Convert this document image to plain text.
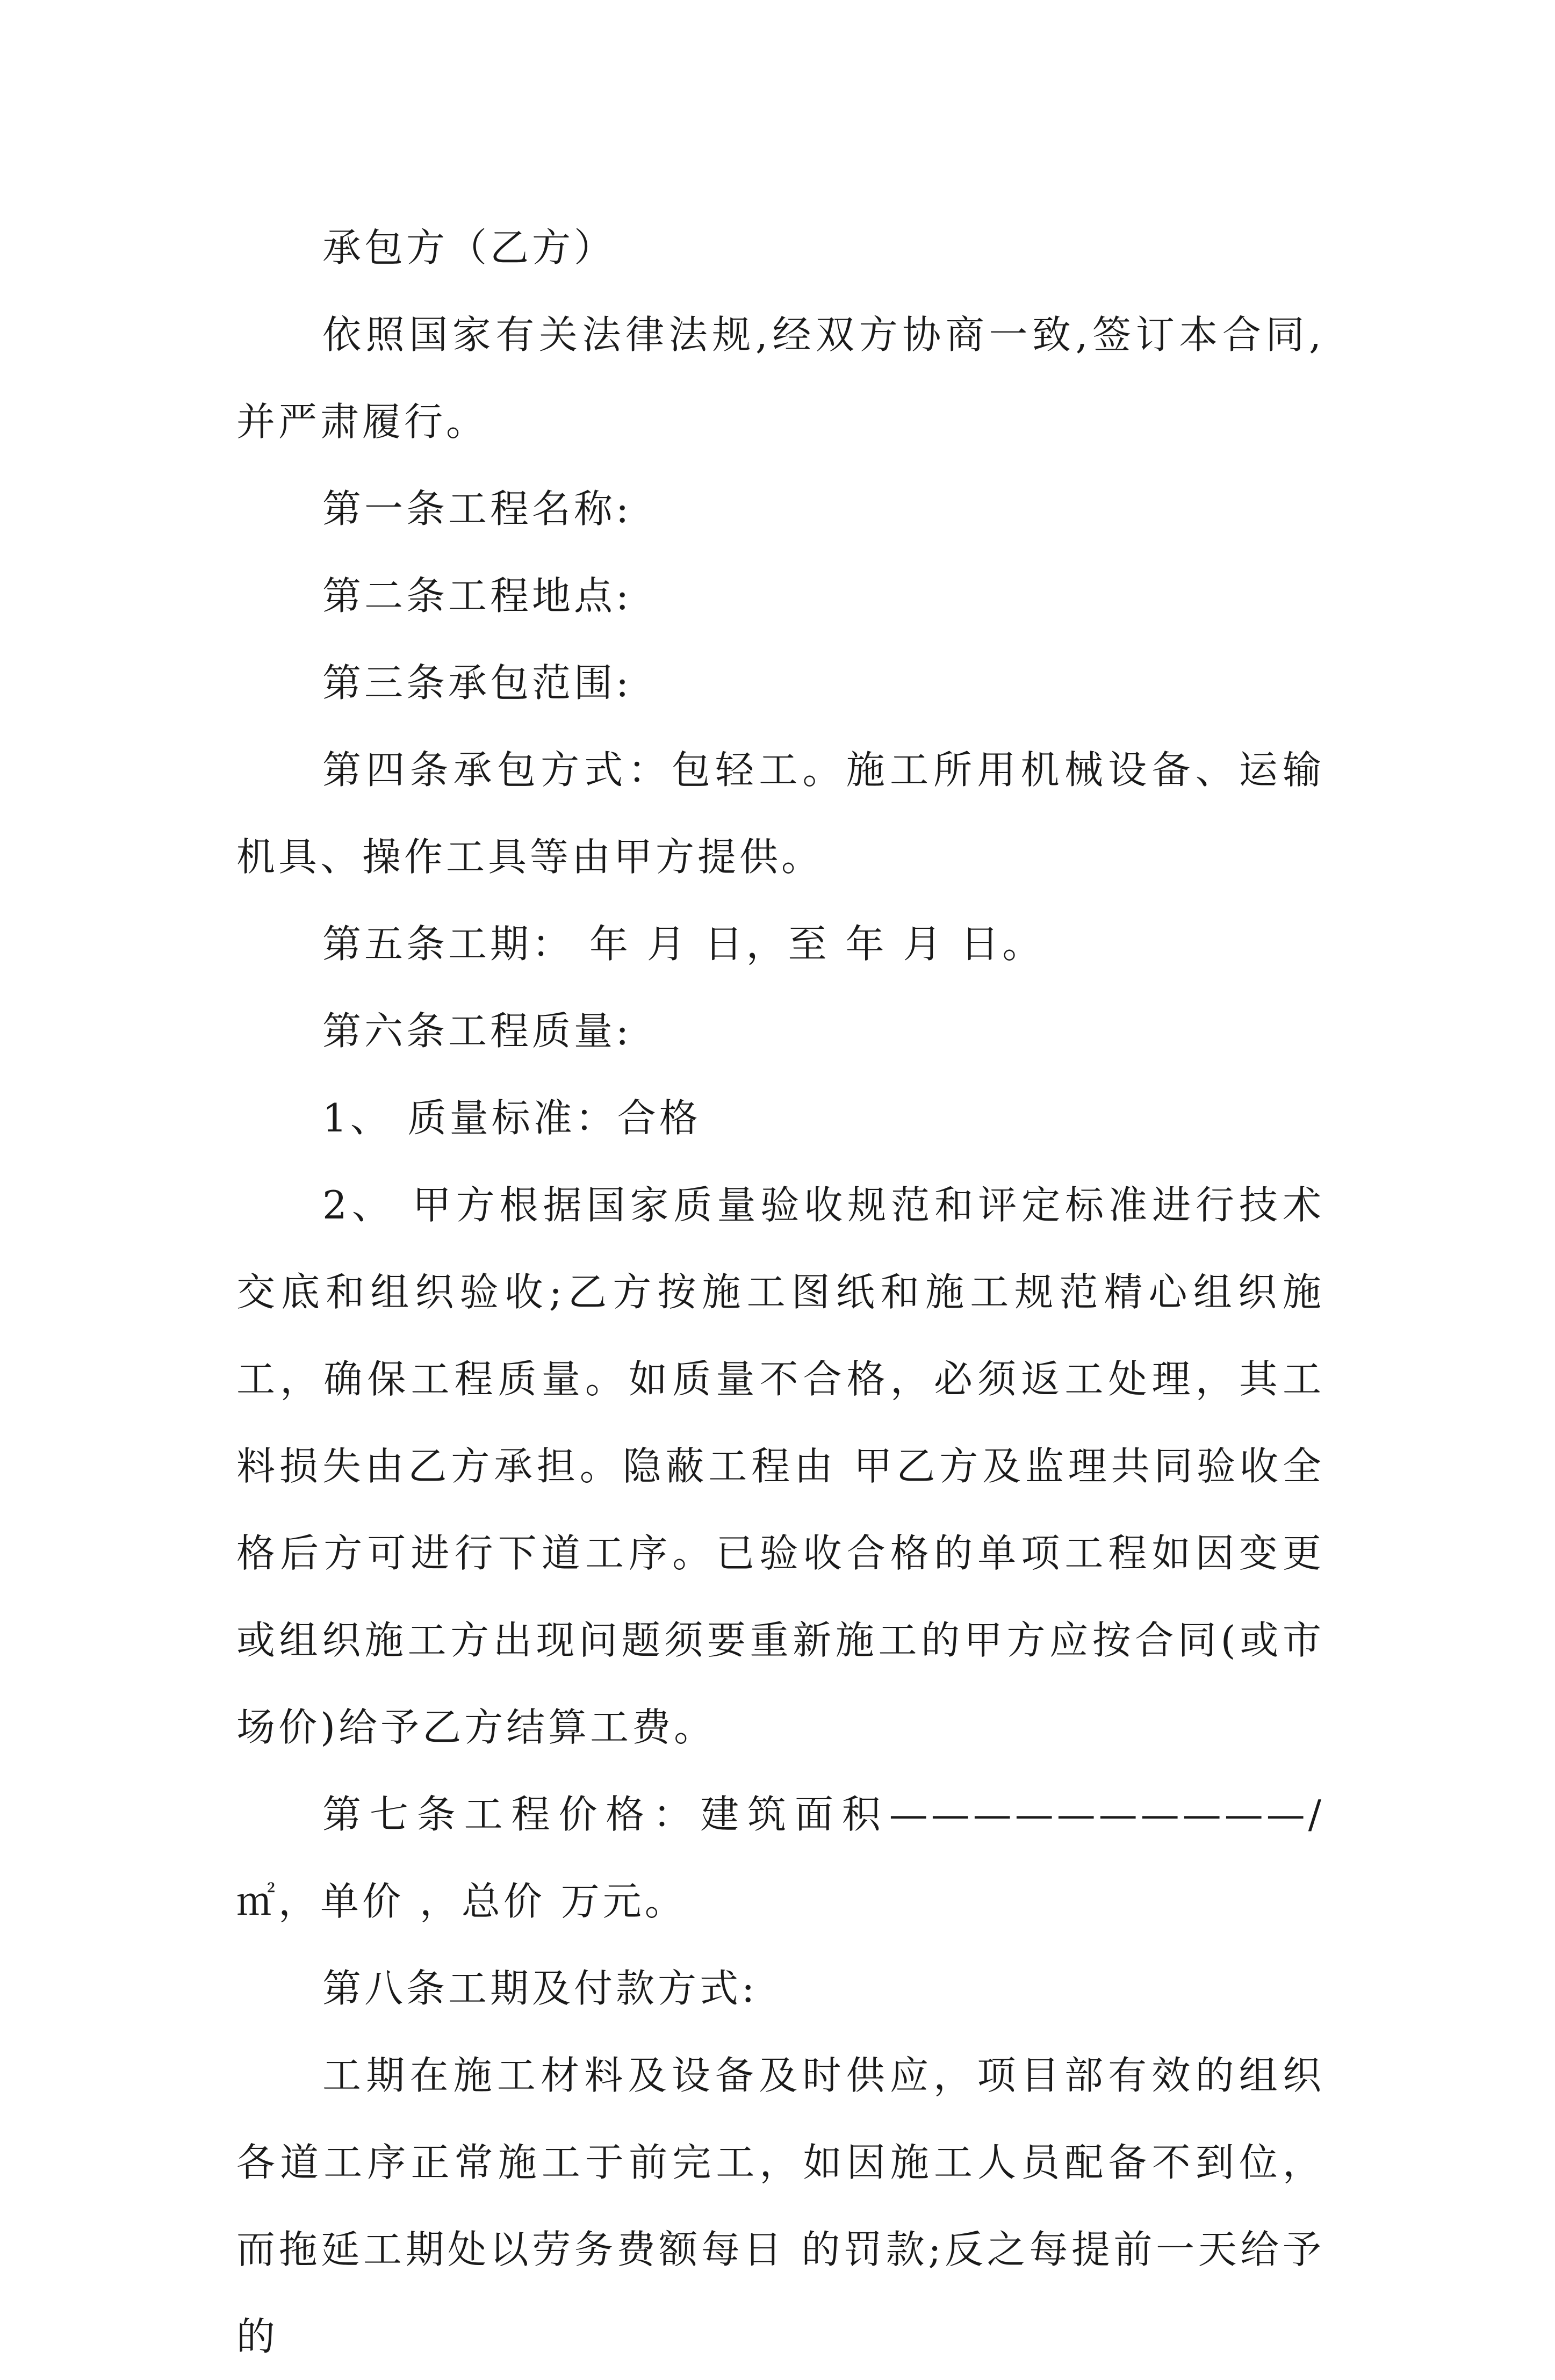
承包方（乙方）

依照国家有关法律法规,经双方协商一致,签订本合同,并严肃履行。

第一条工程名称:

第二条工程地点:

第三条承包范围:

第四条承包方式：包轻工。施工所用机械设备、运输机具、操作工具等由甲方提供。

第五条工期： 年 月 日，至 年 月 日。

第六条工程质量:

1、 质量标准：合格

2、 甲方根据国家质量验收规范和评定标准进行技术交底和组织验收;乙方按施工图纸和施工规范精心组织施工，确保工程质量。如质量不合格，必须返工处理，其工料损失由乙方承担。隐蔽工程由 甲乙方及监理共同验收全格后方可进行下道工序。已验收合格的单项工程如因变更或组织施工方出现问题须要重新施工的甲方应按合同(或市场价)给予乙方结算工费。

第七条工程价格：建筑面积——————————/㎡，单价 ，总价 万元。

第八条工期及付款方式:

工期在施工材料及设备及时供应，项目部有效的组织各道工序正常施工于前完工，如因施工人员配备不到位，而拖延工期处以劳务费额每日 的罚款;反之每提前一天给予 的
